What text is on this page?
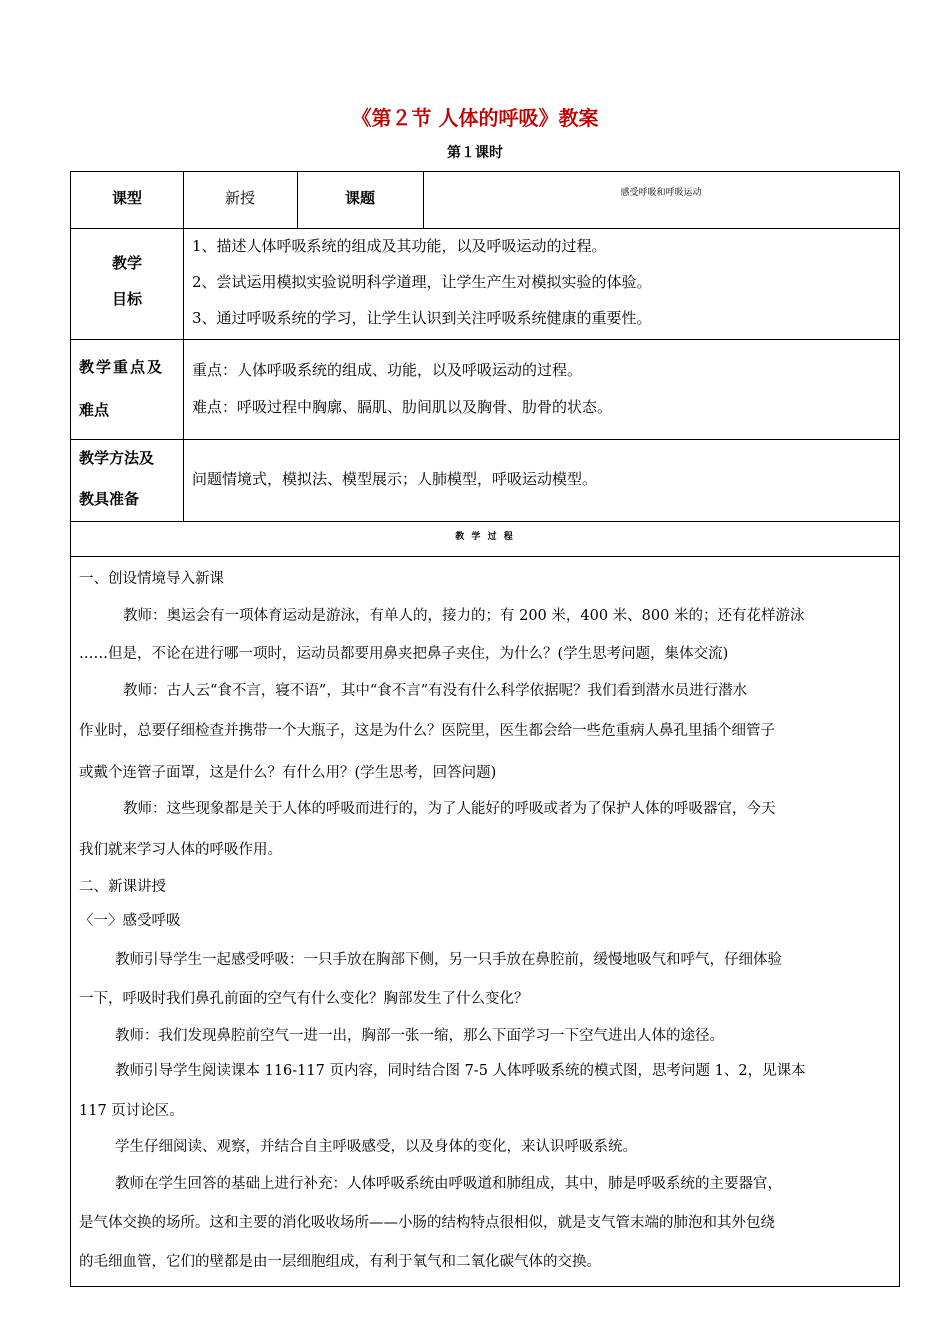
《第２节 人体的呼吸》教案
第１课时
课型	新授	课题	感受呼吸和呼吸运动
教学
目标
1、描述人体呼吸系统的组成及其功能，以及呼吸运动的过程。
2、尝试运用模拟实验说明科学道理，让学生产生对模拟实验的体验。
3、通过呼吸系统的学习，让学生认识到关注呼吸系统健康的重要性。
教学重点及
难点
重点：人体呼吸系统的组成、功能，以及呼吸运动的过程。
难点：呼吸过程中胸廓、膈肌、肋间肌以及胸骨、肋骨的状态。
教学方法及
教具准备
问题情境式，模拟法、模型展示；人肺模型，呼吸运动模型。
教 学 过 程
一、创设情境导入新课
教师：奥运会有一项体育运动是游泳，有单人的，接力的；有 200 米，400 米、800 米的；还有花样游泳
……但是，不论在进行哪一项时，运动员都要用鼻夹把鼻子夹住，为什么？(学生思考问题，集体交流)
教师：古人云“食不言，寝不语”，其中“食不言”有没有什么科学依据呢？我们看到潜水员进行潜水
作业时，总要仔细检查并携带一个大瓶子，这是为什么？医院里，医生都会给一些危重病人鼻孔里插个细管子
或戴个连管子面罩，这是什么？有什么用？(学生思考，回答问题)
教师：这些现象都是关于人体的呼吸而进行的，为了人能好的呼吸或者为了保护人体的呼吸器官，今天
我们就来学习人体的呼吸作用。
二、新课讲授
〈一〉感受呼吸
教师引导学生一起感受呼吸：一只手放在胸部下侧，另一只手放在鼻腔前，缓慢地吸气和呼气，仔细体验
一下，呼吸时我们鼻孔前面的空气有什么变化？胸部发生了什么变化？
教师：我们发现鼻腔前空气一进一出，胸部一张一缩，那么下面学习一下空气进出人体的途径。
教师引导学生阅读课本 116-117 页内容，同时结合图 7-5 人体呼吸系统的模式图，思考问题 1、2，见课本
117 页讨论区。
学生仔细阅读、观察，并结合自主呼吸感受，以及身体的变化，来认识呼吸系统。
教师在学生回答的基础上进行补充：人体呼吸系统由呼吸道和肺组成，其中，肺是呼吸系统的主要器官，
是气体交换的场所。这和主要的消化吸收场所——小肠的结构特点很相似，就是支气管末端的肺泡和其外包绕
的毛细血管，它们的壁都是由一层细胞组成，有利于氧气和二氧化碳气体的交换。
